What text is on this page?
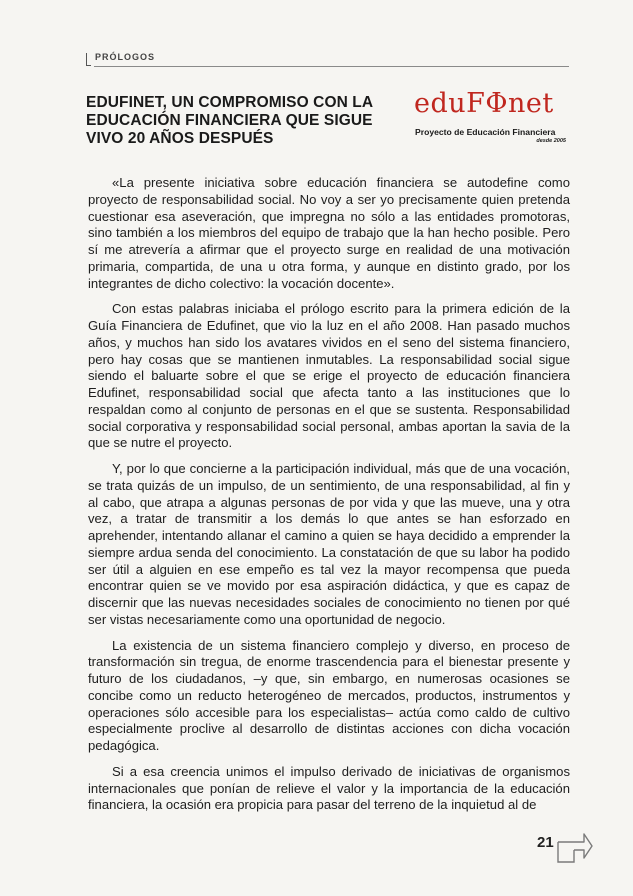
PRÓLOGOS
EDUFINET, UN COMPROMISO CON LA
EDUCACIÓN FINANCIERA QUE SIGUE
VIVO 20 AÑOS DESPUÉS
eduFΦnet
Proyecto de Educación Financiera
desde 2005

«La presente iniciativa sobre educación financiera se autodefine como proyecto de responsabilidad social. No voy a ser yo precisamente quien pretenda cuestionar esa aseveración, que impregna no sólo a las entidades promotoras, sino también a los miembros del equipo de trabajo que la han hecho posible. Pero sí me atrevería a afirmar que el proyecto surge en realidad de una motivación primaria, compartida, de una u otra forma, y aunque en distinto grado, por los integrantes de dicho colectivo: la vocación docente».

Con estas palabras iniciaba el prólogo escrito para la primera edición de la Guía Financiera de Edufinet, que vio la luz en el año 2008. Han pasado muchos años, y muchos han sido los avatares vividos en el seno del sistema financiero, pero hay cosas que se mantienen inmutables. La responsabilidad social sigue siendo el baluarte sobre el que se erige el proyecto de educación financiera Edufinet, responsabilidad social que afecta tanto a las instituciones que lo respaldan como al conjunto de personas en el que se sustenta. Responsabilidad social corporativa y responsabilidad social personal, ambas aportan la savia de la que se nutre el proyecto.

Y, por lo que concierne a la participación individual, más que de una vocación, se trata quizás de un impulso, de un sentimiento, de una responsabilidad, al fin y al cabo, que atrapa a algunas personas de por vida y que las mueve, una y otra vez, a tratar de transmitir a los demás lo que antes se han esforzado en aprehender, intentando allanar el camino a quien se haya decidido a emprender la siempre ardua senda del conocimiento. La constatación de que su labor ha podido ser útil a alguien en ese empeño es tal vez la mayor recompensa que pueda encontrar quien se ve movido por esa aspiración didáctica, y que es capaz de discernir que las nuevas necesidades sociales de conocimiento no tienen por qué ser vistas necesariamente como una oportunidad de negocio.

La existencia de un sistema financiero complejo y diverso, en proceso de transformación sin tregua, de enorme trascendencia para el bienestar presente y futuro de los ciudadanos, –y que, sin embargo, en numerosas ocasiones se concibe como un reducto heterogéneo de mercados, productos, instrumentos y operaciones sólo accesible para los especialistas– actúa como caldo de cultivo especialmente proclive al desarrollo de distintas acciones con dicha vocación pedagógica.

Si a esa creencia unimos el impulso derivado de iniciativas de organismos internacionales que ponían de relieve el valor y la importancia de la educación financiera, la ocasión era propicia para pasar del terreno de la inquietud al de

21
